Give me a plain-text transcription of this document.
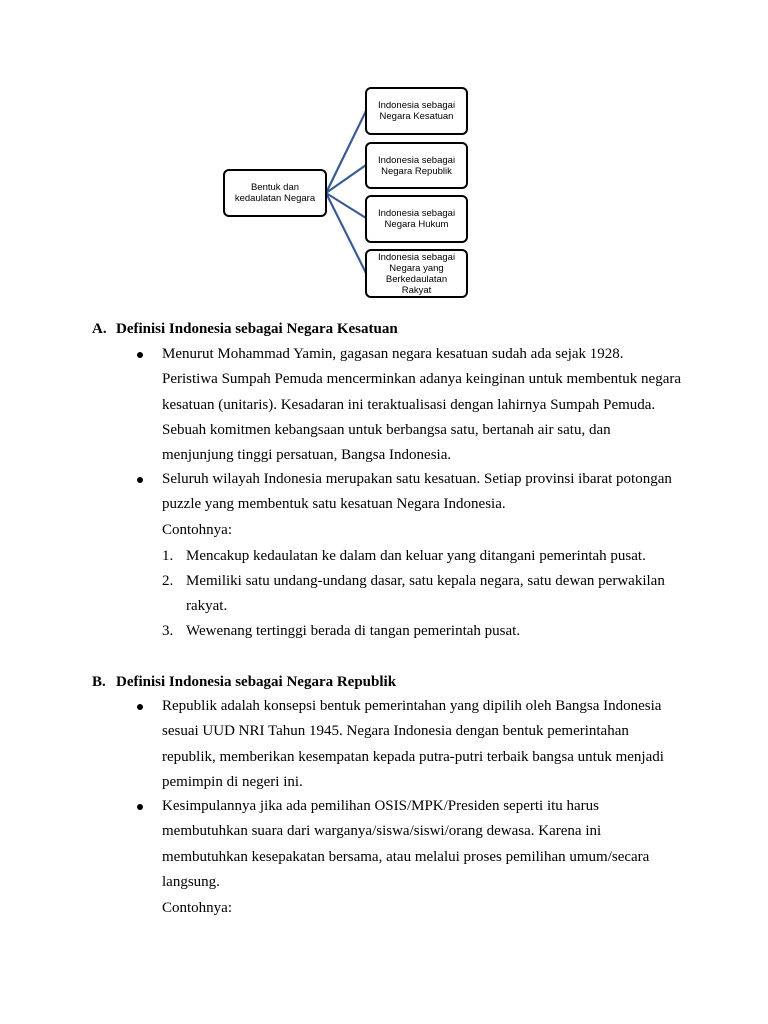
Bentuk dan
kedaulatan Negara
Indonesia sebagai
Negara Kesatuan
Indonesia sebagai
Negara Republik
Indonesia sebagai
Negara Hukum
Indonesia sebagai
Negara yang
Berkedaulatan Rakyat
A. Definisi Indonesia sebagai Negara Kesatuan
Menurut Mohammad Yamin, gagasan negara kesatuan sudah ada sejak 1928. Peristiwa Sumpah Pemuda mencerminkan adanya keinginan untuk membentuk negara kesatuan (unitaris). Kesadaran ini teraktualisasi dengan lahirnya Sumpah Pemuda. Sebuah komitmen kebangsaan untuk berbangsa satu, bertanah air satu, dan menjunjung tinggi persatuan, Bangsa Indonesia.
Seluruh wilayah Indonesia merupakan satu kesatuan. Setiap provinsi ibarat potongan puzzle yang membentuk satu kesatuan Negara Indonesia.
Contohnya:
1. Mencakup kedaulatan ke dalam dan keluar yang ditangani pemerintah pusat.
2. Memiliki satu undang-undang dasar, satu kepala negara, satu dewan perwakilan rakyat.
3. Wewenang tertinggi berada di tangan pemerintah pusat.
B. Definisi Indonesia sebagai Negara Republik
Republik adalah konsepsi bentuk pemerintahan yang dipilih oleh Bangsa Indonesia sesuai UUD NRI Tahun 1945. Negara Indonesia dengan bentuk pemerintahan republik, memberikan kesempatan kepada putra-putri terbaik bangsa untuk menjadi pemimpin di negeri ini.
Kesimpulannya jika ada pemilihan OSIS/MPK/Presiden seperti itu harus membutuhkan suara dari warganya/siswa/siswi/orang dewasa. Karena ini membutuhkan kesepakatan bersama, atau melalui proses pemilihan umum/secara langsung.
Contohnya:
